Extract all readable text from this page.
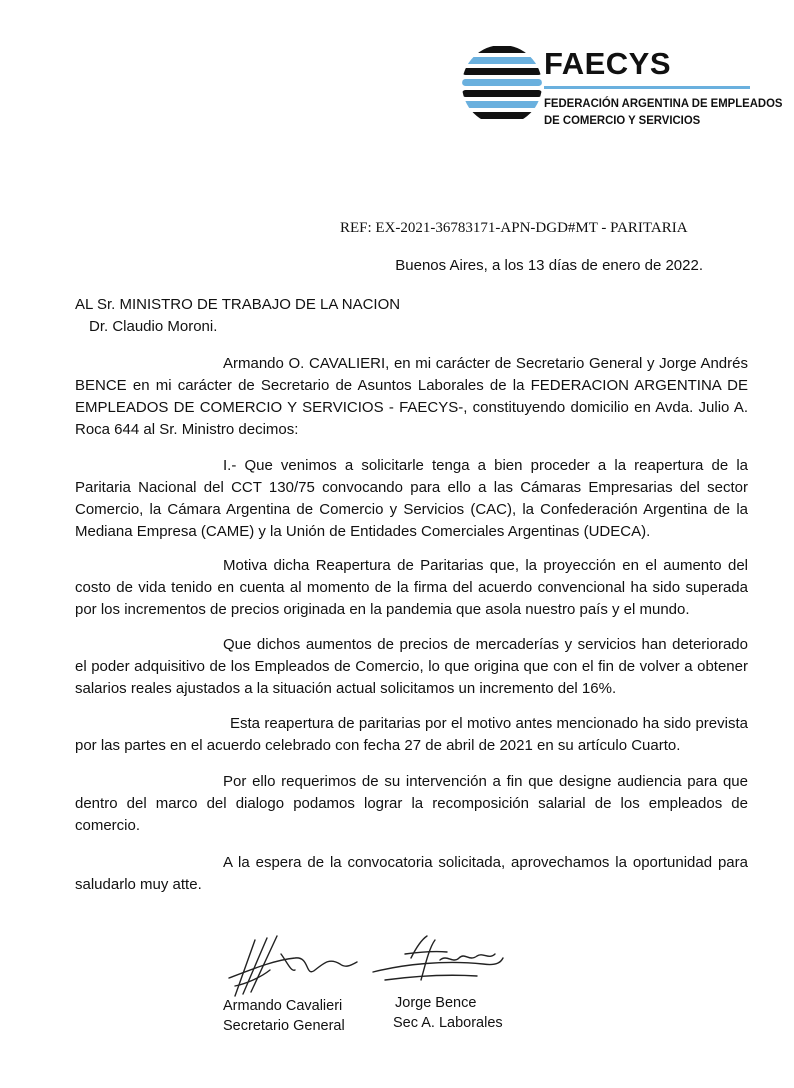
FAECYS
FEDERACIÓN ARGENTINA DE EMPLEADOS
DE COMERCIO Y SERVICIOS
REF: EX-2021-36783171-APN-DGD#MT - PARITARIA
Buenos Aires, a los 13 días de enero de 2022.
AL Sr. MINISTRO DE TRABAJO DE LA NACION
Dr. Claudio Moroni.
Armando O. CAVALIERI, en mi carácter de Secretario General y Jorge Andrés BENCE en mi carácter de Secretario de Asuntos Laborales de la FEDERACION ARGENTINA DE EMPLEADOS DE COMERCIO Y SERVICIOS - FAECYS-, constituyendo domicilio en Avda. Julio A. Roca 644 al Sr. Ministro decimos:
I.- Que venimos a solicitarle tenga a bien proceder a la reapertura de la Paritaria Nacional del CCT 130/75 convocando para ello a las Cámaras Empresarias del sector Comercio, la Cámara Argentina de Comercio y Servicios (CAC), la Confederación Argentina de la Mediana Empresa (CAME) y la Unión de Entidades Comerciales Argentinas (UDECA).
Motiva dicha Reapertura de Paritarias que, la proyección en el aumento del costo de vida tenido en cuenta al momento de la firma del acuerdo convencional ha sido superada por los incrementos de precios originada en la pandemia que asola nuestro país y el mundo.
Que dichos aumentos de precios de mercaderías y servicios han deteriorado el poder adquisitivo de los Empleados de Comercio, lo que origina que con el fin de volver a obtener salarios reales ajustados a la situación actual solicitamos un incremento del 16%.
Esta reapertura de paritarias por el motivo antes mencionado ha sido prevista por las partes en el acuerdo celebrado con fecha 27 de abril de 2021 en su artículo Cuarto.
Por ello requerimos de su intervención a fin que designe audiencia para que dentro del marco del dialogo podamos lograr la recomposición salarial de los empleados de comercio.
A la espera de la convocatoria solicitada, aprovechamos la oportunidad para saludarlo muy atte.
Armando Cavalieri
Secretario General
Jorge Bence
Sec A. Laborales
